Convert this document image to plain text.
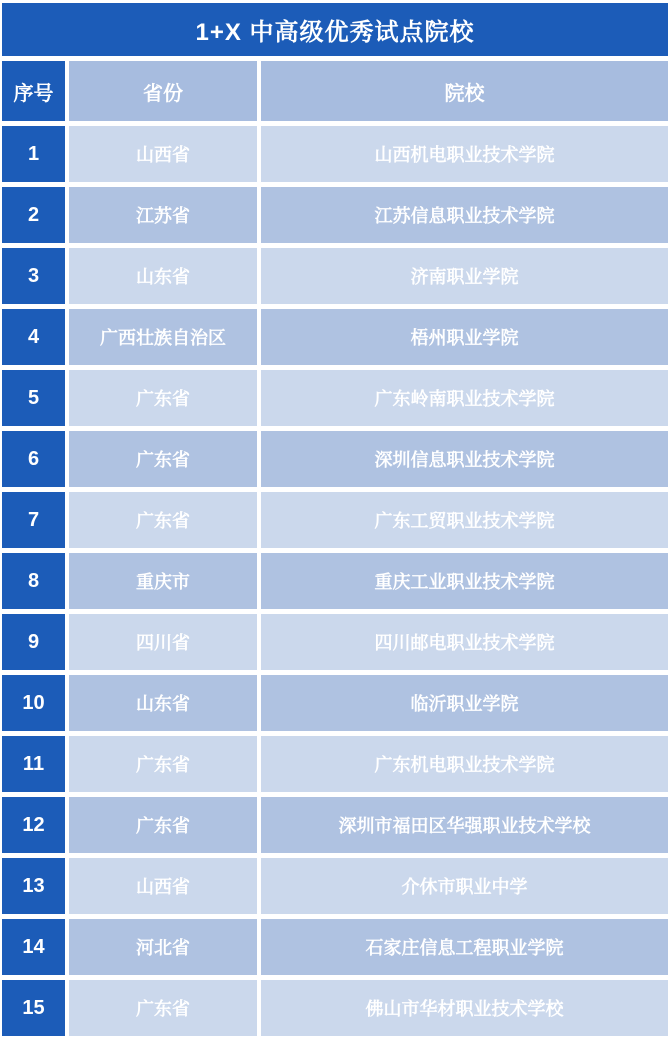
1+X 中高级优秀试点院校
序号	省份	院校
1	山西省	山西机电职业技术学院
2	江苏省	江苏信息职业技术学院
3	山东省	济南职业学院
4	广西壮族自治区	梧州职业学院
5	广东省	广东岭南职业技术学院
6	广东省	深圳信息职业技术学院
7	广东省	广东工贸职业技术学院
8	重庆市	重庆工业职业技术学院
9	四川省	四川邮电职业技术学院
10	山东省	临沂职业学院
11	广东省	广东机电职业技术学院
12	广东省	深圳市福田区华强职业技术学校
13	山西省	介休市职业中学
14	河北省	石家庄信息工程职业学院
15	广东省	佛山市华材职业技术学校
